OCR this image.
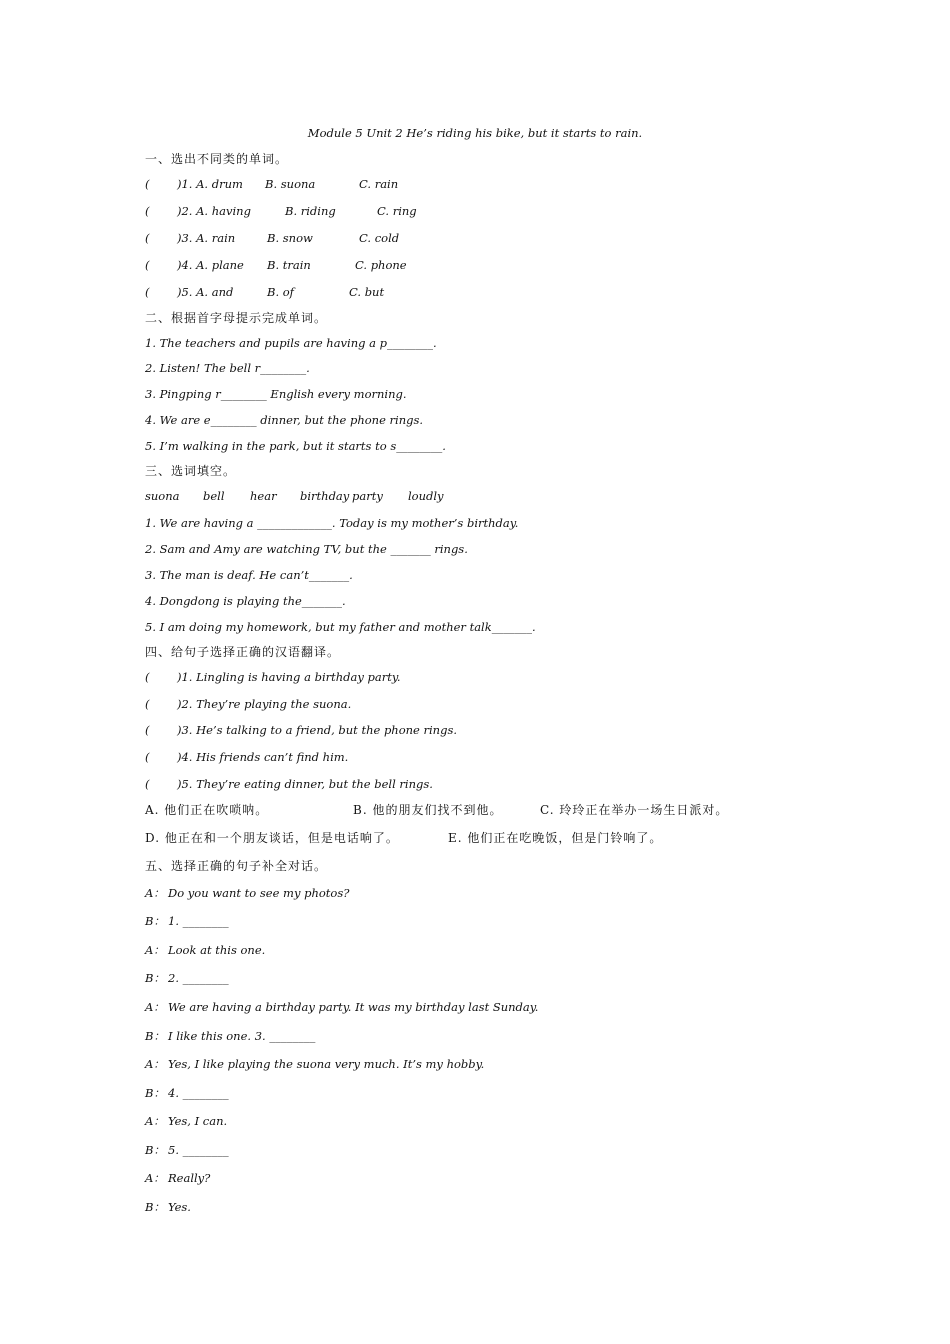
Module 5 Unit 2 He’s riding his bike, but it starts to rain.
一、选出不同类的单词。
( )1. A. drum B. suona	C. rain
( )2. A. having	B. riding	C. ring
( )3. A. rain	B. snow	C. cold
( )4. A. plane B. train	C. phone
( )5. A. and	B. of	C. but
二、根据首字母提示完成单词。
1. The teachers and pupils are having a p________.
2. Listen! The bell r________.
3. Pingping r________ English every morning.
4. We are e________ dinner, but the phone rings.
5. I’m walking in the park, but it starts to s________.
三、选词填空。
suona bell hear birthday party loudly
1. We are having a _____________. Today is my mother’s birthday.
2. Sam and Amy are watching TV, but the _______ rings.
3. The man is deaf. He can’t_______.
4. Dongdong is playing the_______.
5. I am doing my homework, but my father and mother talk_______.
四、给句子选择正确的汉语翻译。
( )1. Lingling is having a birthday party.
( )2. They’re playing the suona.
( )3. He’s talking to a friend, but the phone rings.
( )4. His friends can’t find him.
( )5. They’re eating dinner, but the bell rings.
A. 他们正在吹唢呐。	B. 他的朋友们找不到他。	C. 玲玲正在举办一场生日派对。
D. 他正在和一个朋友谈话，但是电话响了。	E. 他们正在吃晚饭，但是门铃响了。
五、选择正确的句子补全对话。
A： Do you want to see my photos?
B： 1. ________
A： Look at this one.
B： 2. ________
A： We are having a birthday party. It was my birthday last Sunday.
B： I like this one. 3. ________
A： Yes, I like playing the suona very much. It’s my hobby.
B： 4. ________
A： Yes, I can.
B： 5. ________
A： Really?
B： Yes.
